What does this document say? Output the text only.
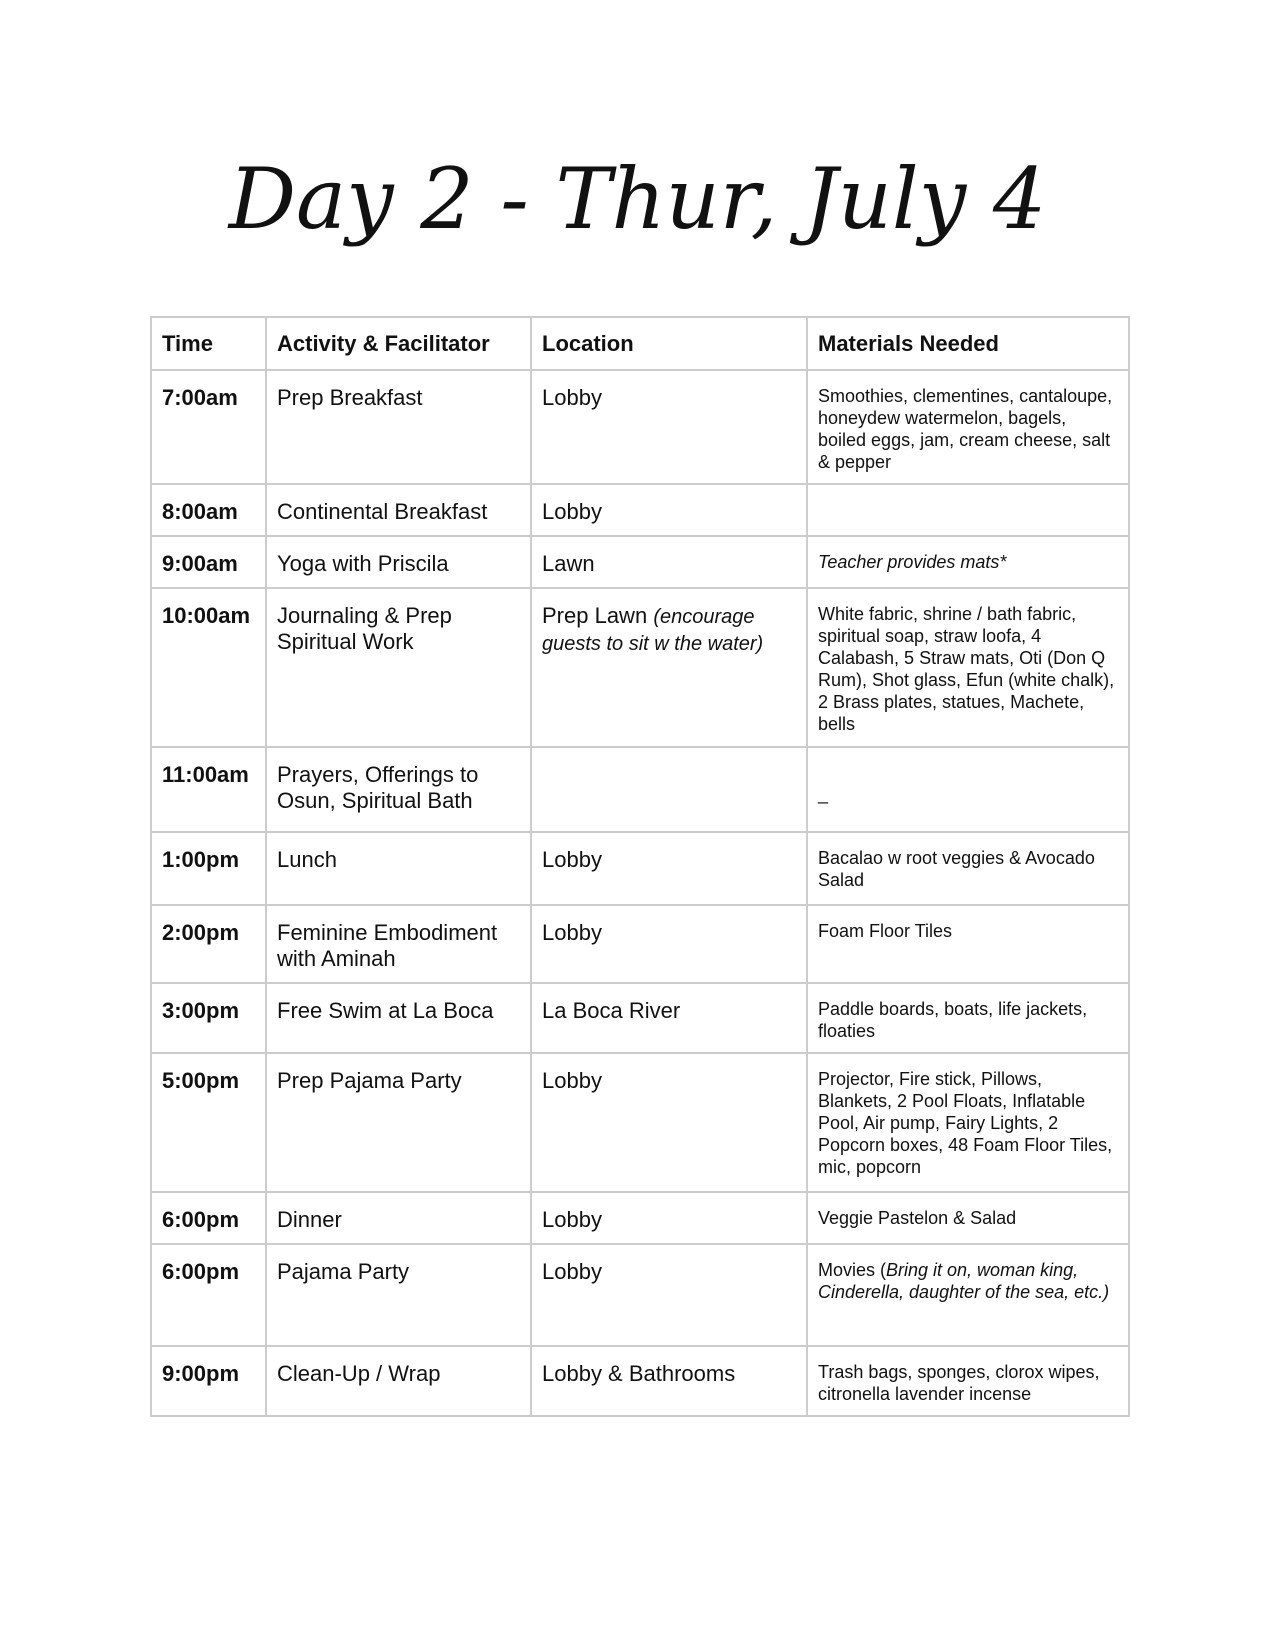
Day 2 - Thur, July 4
Time	Activity & Facilitator	Location	Materials Needed
7:00am	Prep Breakfast	Lobby	Smoothies, clementines, cantaloupe, honeydew watermelon, bagels, boiled eggs, jam, cream cheese, salt & pepper
8:00am	Continental Breakfast	Lobby	
9:00am	Yoga with Priscila	Lawn	Teacher provides mats*
10:00am	Journaling & Prep Spiritual Work	Prep Lawn (encourage guests to sit w the water)	White fabric, shrine / bath fabric, spiritual soap, straw loofa, 4 Calabash, 5 Straw mats, Oti (Don Q Rum), Shot glass, Efun (white chalk), 2 Brass plates, statues, Machete, bells
11:00am	Prayers, Offerings to Osun, Spiritual Bath		_
1:00pm	Lunch	Lobby	Bacalao w root veggies & Avocado Salad
2:00pm	Feminine Embodiment with Aminah	Lobby	Foam Floor Tiles
3:00pm	Free Swim at La Boca	La Boca River	Paddle boards, boats, life jackets, floaties
5:00pm	Prep Pajama Party	Lobby	Projector, Fire stick, Pillows, Blankets, 2 Pool Floats, Inflatable Pool, Air pump, Fairy Lights, 2 Popcorn boxes, 48 Foam Floor Tiles, mic, popcorn
6:00pm	Dinner	Lobby	Veggie Pastelon & Salad
6:00pm	Pajama Party	Lobby	Movies (Bring it on, woman king, Cinderella, daughter of the sea, etc.)
9:00pm	Clean-Up / Wrap	Lobby & Bathrooms	Trash bags, sponges, clorox wipes, citronella lavender incense
